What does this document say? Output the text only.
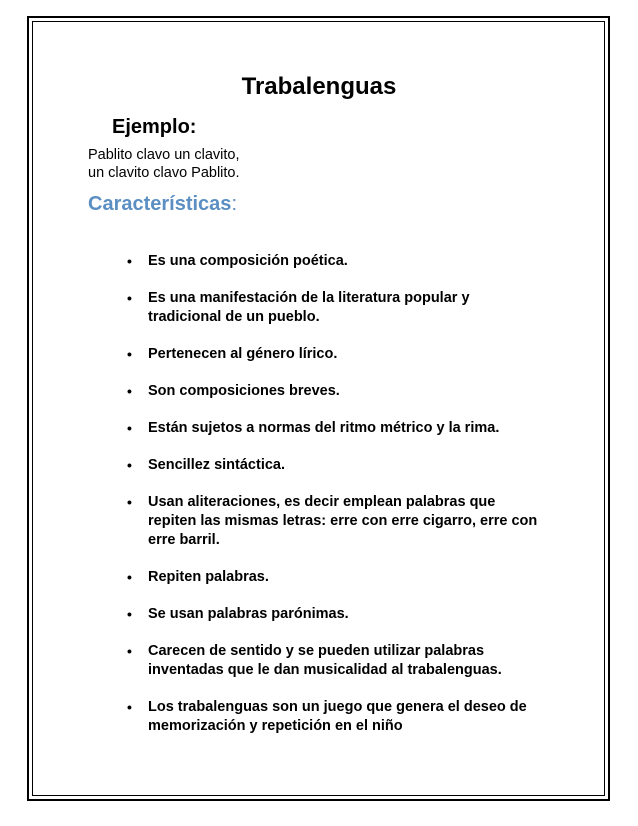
Trabalenguas
Ejemplo:
Pablito clavo un clavito,
un clavito clavo Pablito.
Características:
• Es una composición poética.
• Es una manifestación de la literatura popular y
tradicional de un pueblo.
• Pertenecen al género lírico.
• Son composiciones breves.
• Están sujetos a normas del ritmo métrico y la rima.
• Sencillez sintáctica.
• Usan aliteraciones, es decir emplean palabras que
repiten las mismas letras: erre con erre cigarro, erre con
erre barril.
• Repiten palabras.
• Se usan palabras parónimas.
• Carecen de sentido y se pueden utilizar palabras
inventadas que le dan musicalidad al trabalenguas.
• Los trabalenguas son un juego que genera el deseo de
memorización y repetición en el niño
